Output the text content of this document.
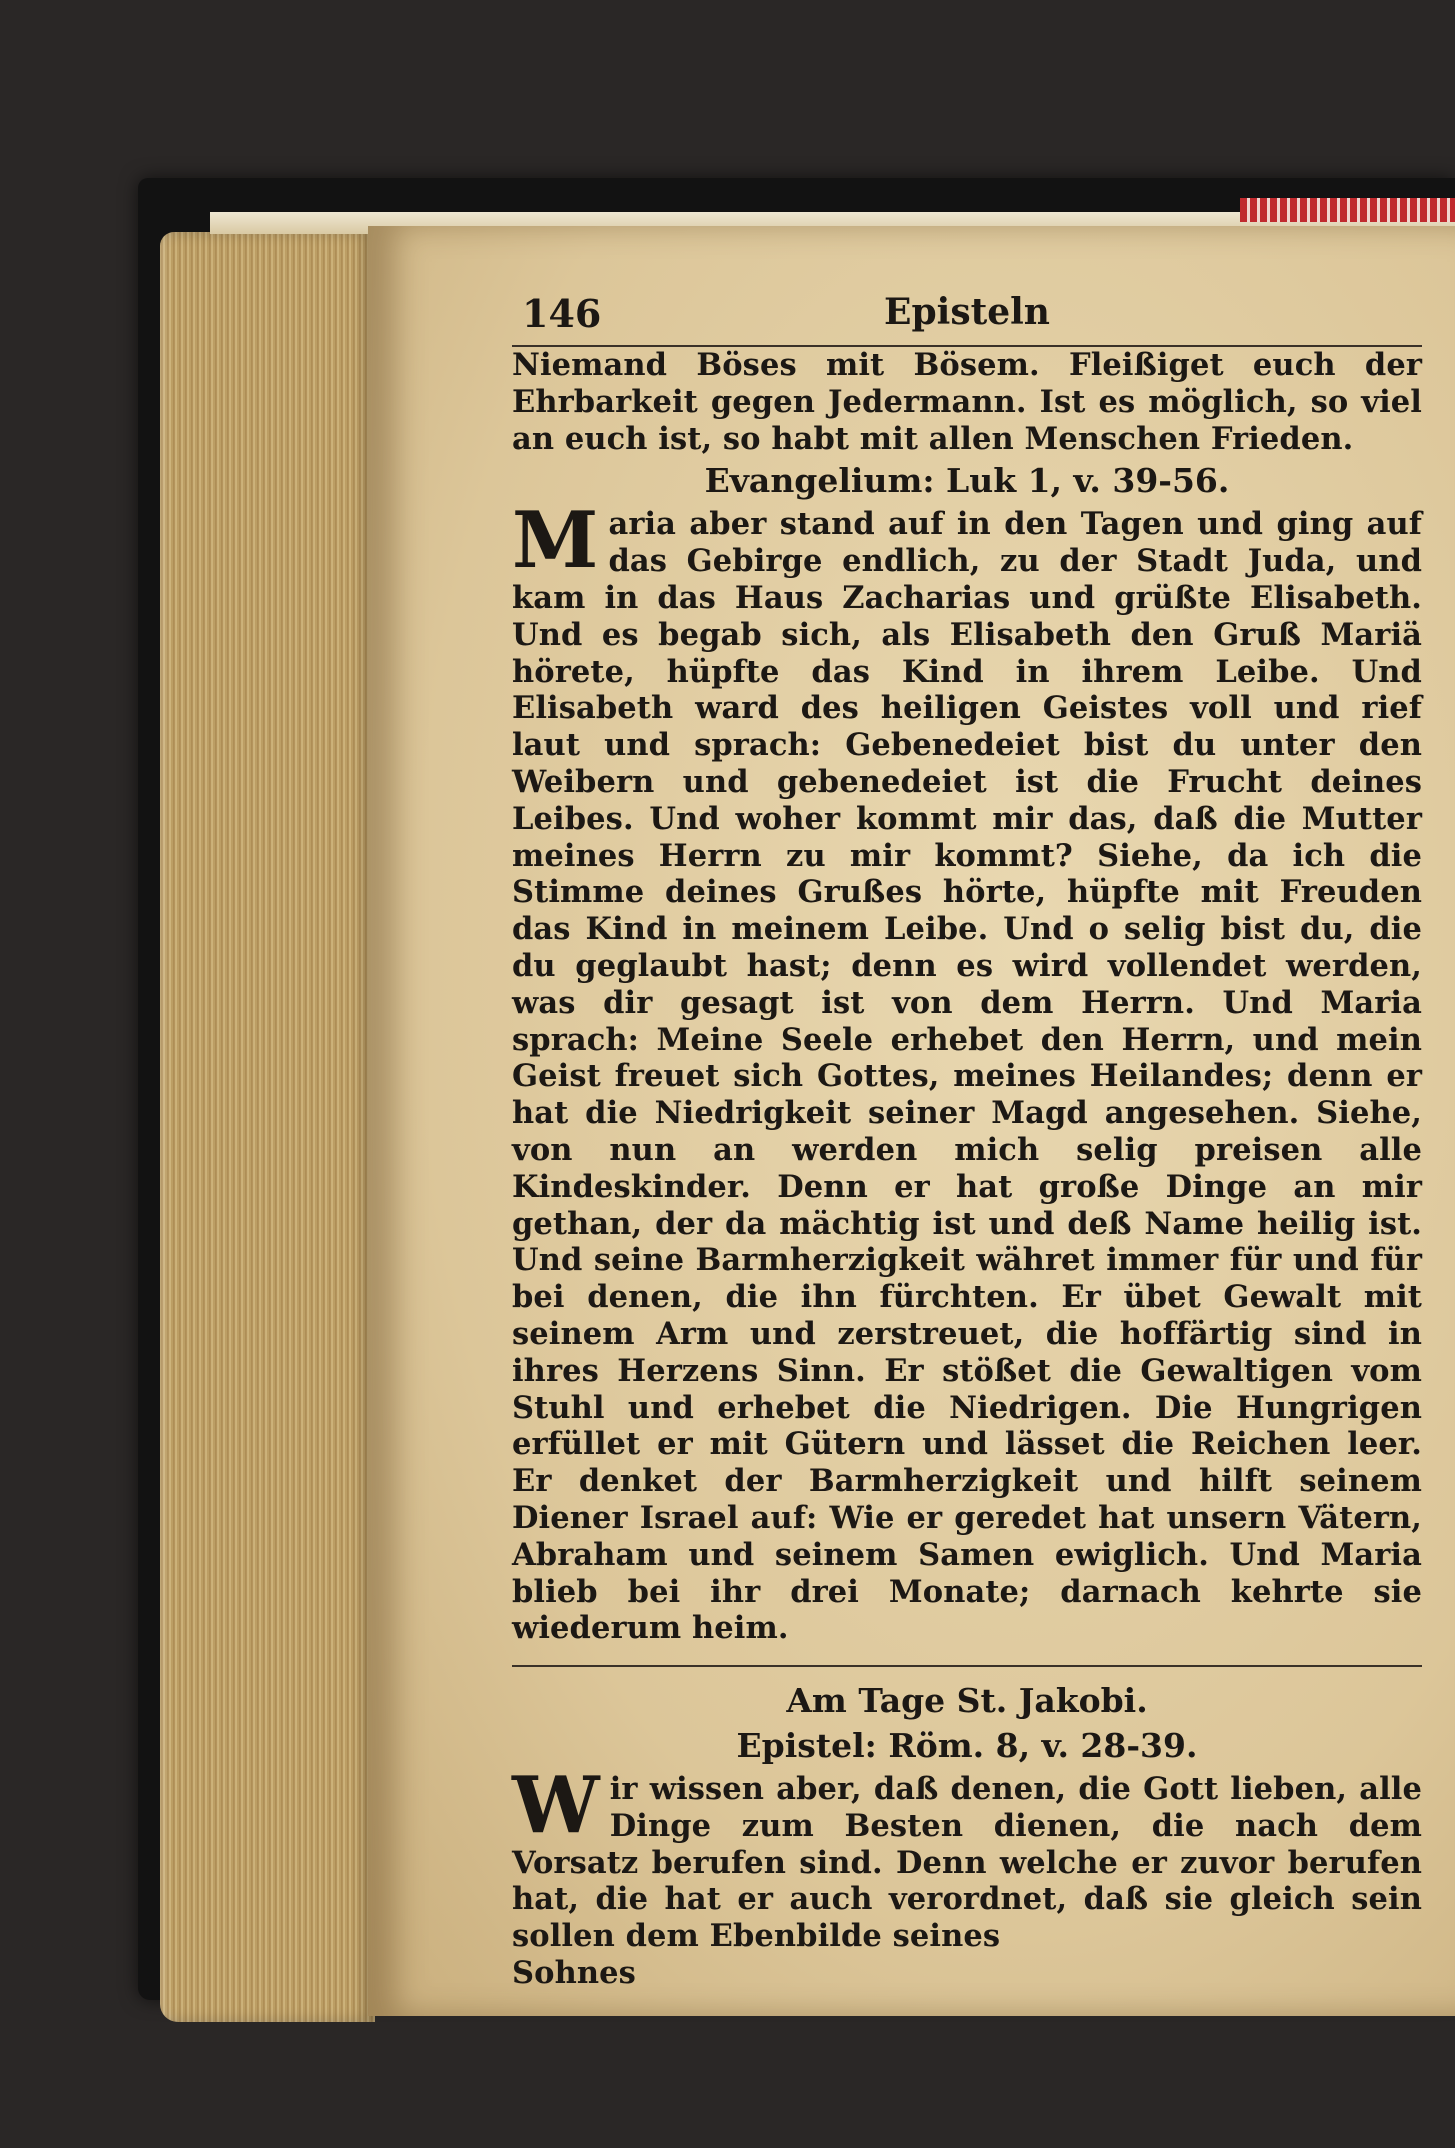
146	Episteln

Niemand Böses mit Bösem. Fleißiget euch der Ehrbarkeit gegen Jedermann. Ist es möglich, so viel an euch ist, so habt mit allen Menschen Frieden.

Evangelium: Luk 1, v. 39-56.

Maria aber stand auf in den Tagen und ging auf das Gebirge endlich, zu der Stadt Juda, und kam in das Haus Zacharias und grüßte Elisabeth. Und es begab sich, als Elisabeth den Gruß Mariä hörete, hüpfte das Kind in ihrem Leibe. Und Elisabeth ward des heiligen Geistes voll und rief laut und sprach: Gebenedeiet bist du unter den Weibern und gebenedeiet ist die Frucht deines Leibes. Und woher kommt mir das, daß die Mutter meines Herrn zu mir kommt? Siehe, da ich die Stimme deines Grußes hörte, hüpfte mit Freuden das Kind in meinem Leibe. Und o selig bist du, die du geglaubt hast; denn es wird vollendet werden, was dir gesagt ist von dem Herrn. Und Maria sprach: Meine Seele erhebet den Herrn, und mein Geist freuet sich Gottes, meines Heilandes; denn er hat die Niedrigkeit seiner Magd angesehen. Siehe, von nun an werden mich selig preisen alle Kindeskinder. Denn er hat große Dinge an mir gethan, der da mächtig ist und deß Name heilig ist. Und seine Barmherzigkeit währet immer für und für bei denen, die ihn fürchten. Er übet Gewalt mit seinem Arm und zerstreuet, die hoffärtig sind in ihres Herzens Sinn. Er stößet die Gewaltigen vom Stuhl und erhebet die Niedrigen. Die Hungrigen erfüllet er mit Gütern und lässet die Reichen leer. Er denket der Barmherzigkeit und hilft seinem Diener Israel auf: Wie er geredet hat unsern Vätern, Abraham und seinem Samen ewiglich. Und Maria blieb bei ihr drei Monate; darnach kehrte sie wiederum heim.

Am Tage St. Jakobi.
Epistel: Röm. 8, v. 28-39.

Wir wissen aber, daß denen, die Gott lieben, alle Dinge zum Besten dienen, die nach dem Vorsatz berufen sind. Denn welche er zuvor berufen hat, die hat er auch verordnet, daß sie gleich sein sollen dem Ebenbilde seines

Sohnes
